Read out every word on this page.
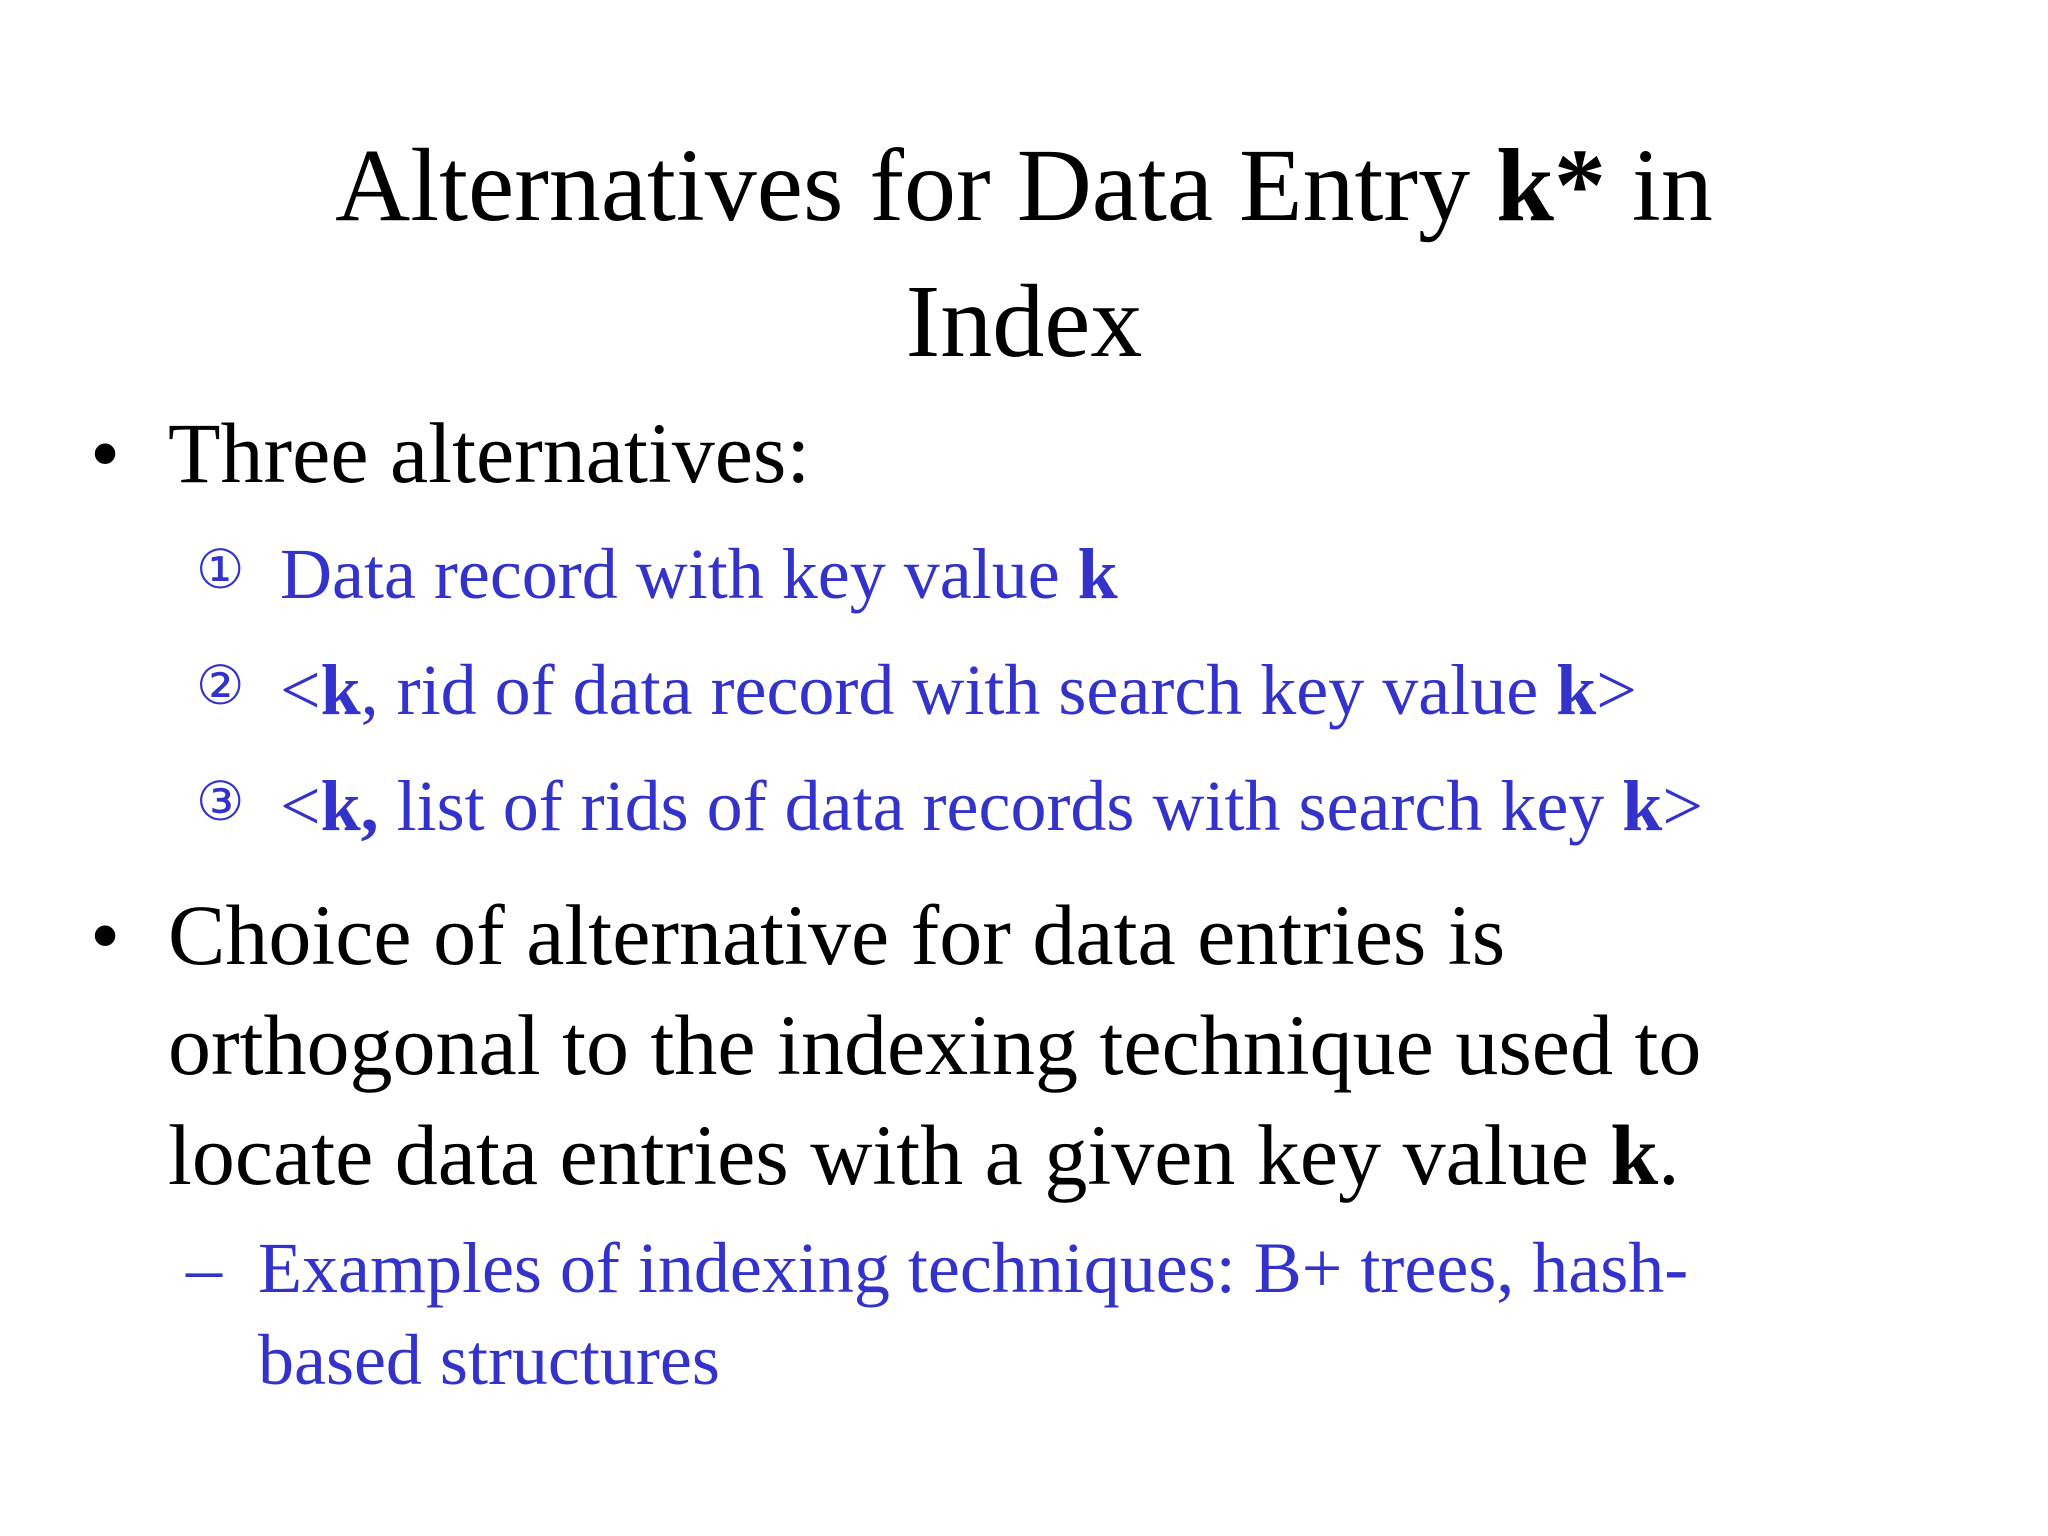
Alternatives for Data Entry k* in
Index
• Three alternatives:
① Data record with key value k
② <k, rid of data record with search key value k>
③ <k, list of rids of data records with search key k>
• Choice of alternative for data entries is
orthogonal to the indexing technique used to
locate data entries with a given key value k.
– Examples of indexing techniques: B+ trees, hash-
based structures
